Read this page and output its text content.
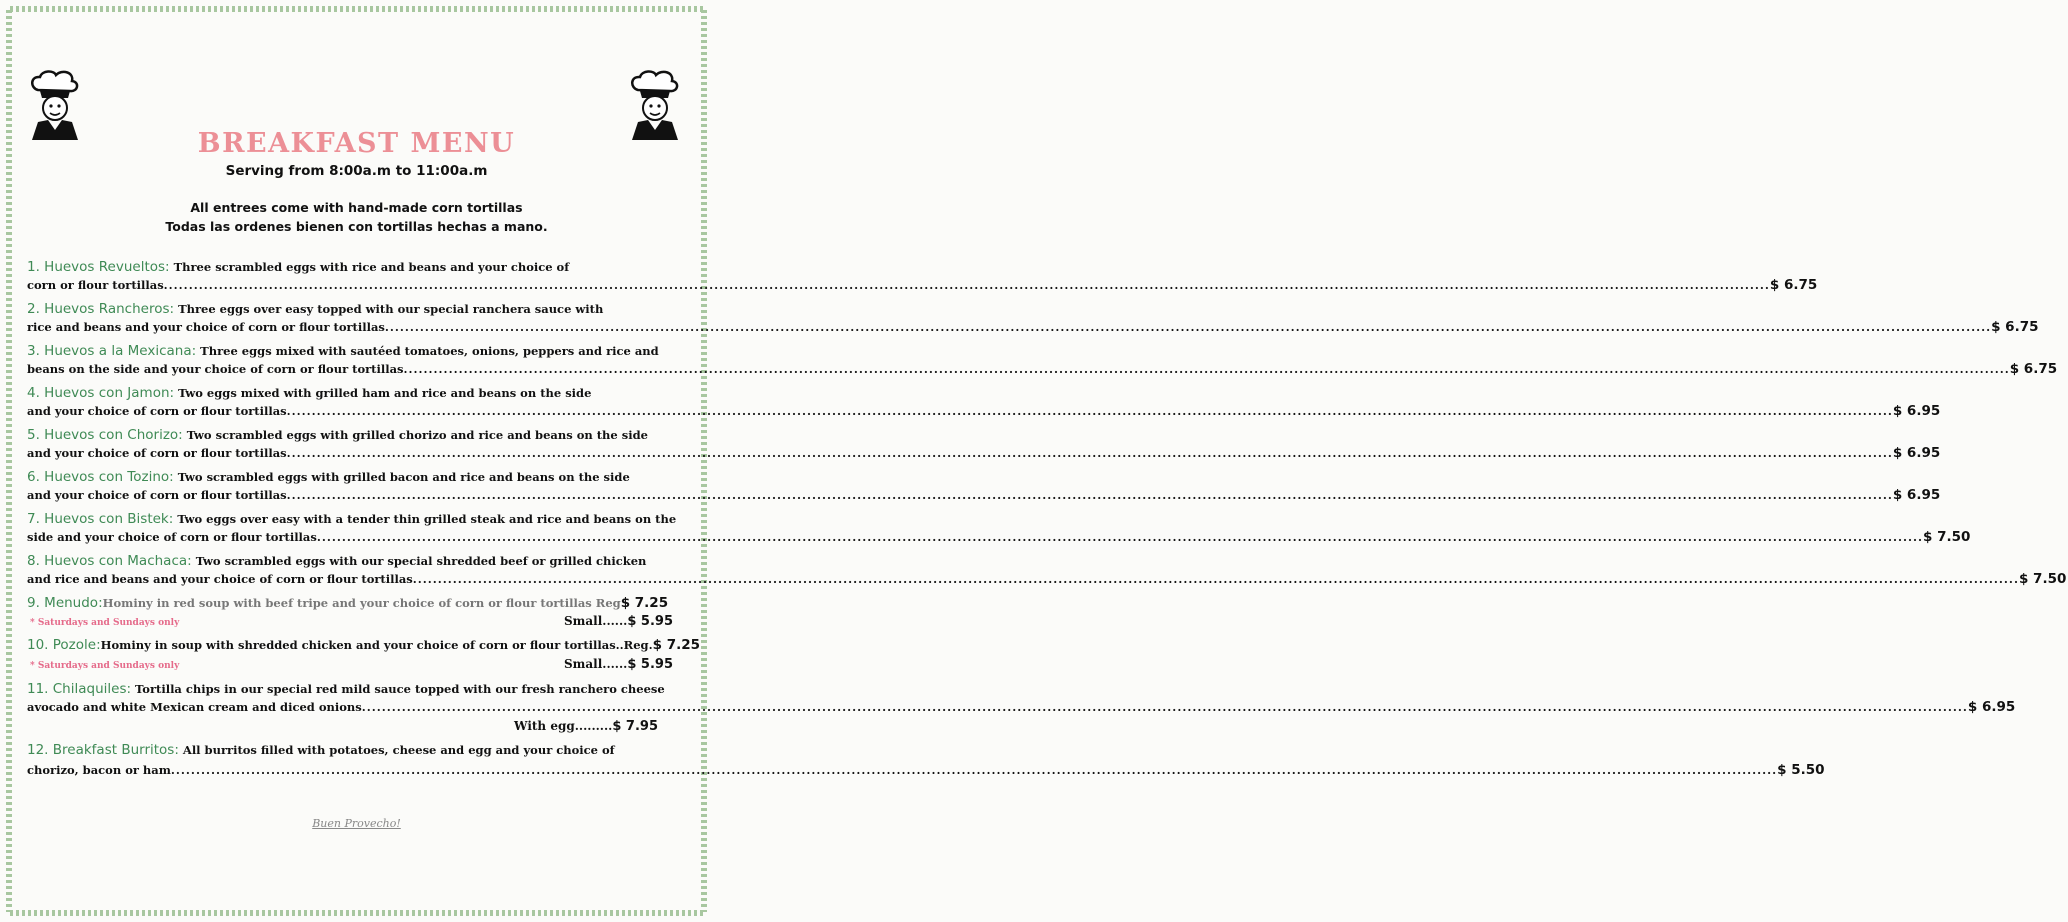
BREAKFAST MENU
Serving from 8:00a.m to 11:00a.m
All entrees come with hand-made corn tortillas
Todas las ordenes bienen con tortillas hechas a mano.
1. Huevos Revueltos: Three scrambled eggs with rice and beans and your choice of
corn or flour tortillas .....	$ 6.75
2. Huevos Rancheros: Three eggs over easy topped with our special ranchera sauce with
rice and beans and your choice of corn or flour tortillas .....	$ 6.75
3. Huevos a la Mexicana: Three eggs mixed with sautéed tomatoes, onions, peppers and rice and
beans on the side and your choice of corn or flour tortillas .....	$ 6.75
4. Huevos con Jamon: Two eggs mixed with grilled ham and rice and beans on the side
and your choice of corn or flour tortillas .....	$ 6.95
5. Huevos con Chorizo: Two scrambled eggs with grilled chorizo and rice and beans on the side
and your choice of corn or flour tortillas .....	$ 6.95
6. Huevos con Tozino: Two scrambled eggs with grilled bacon and rice and beans on the side
and your choice of corn or flour tortillas .....	$ 6.95
7. Huevos con Bistek: Two eggs over easy with a tender thin grilled steak and rice and beans on the
side and your choice of corn or flour tortillas .....	$ 7.50
8. Huevos con Machaca: Two scrambled eggs with our special shredded beef or grilled chicken
and rice and beans and your choice of corn or flour tortillas .....	$ 7.50
9. Menudo: Hominy in red soup with beef tripe and your choice of corn or flour tortillas Reg $ 7.25
* Saturdays and Sundays only	Small......$ 5.95
10. Pozole: Hominy in soup with shredded chicken and your choice of corn or flour tortillas..Reg. $ 7.25
* Saturdays and Sundays only	Small......$ 5.95
11. Chilaquiles: Tortilla chips in our special red mild sauce topped with our fresh ranchero cheese
avocado and white Mexican cream and diced onions .....	$ 6.95
With egg.........$ 7.95
12. Breakfast Burritos: All burritos filled with potatoes, cheese and egg and your choice of
chorizo, bacon or ham .....	$ 5.50
Buen Provecho!
